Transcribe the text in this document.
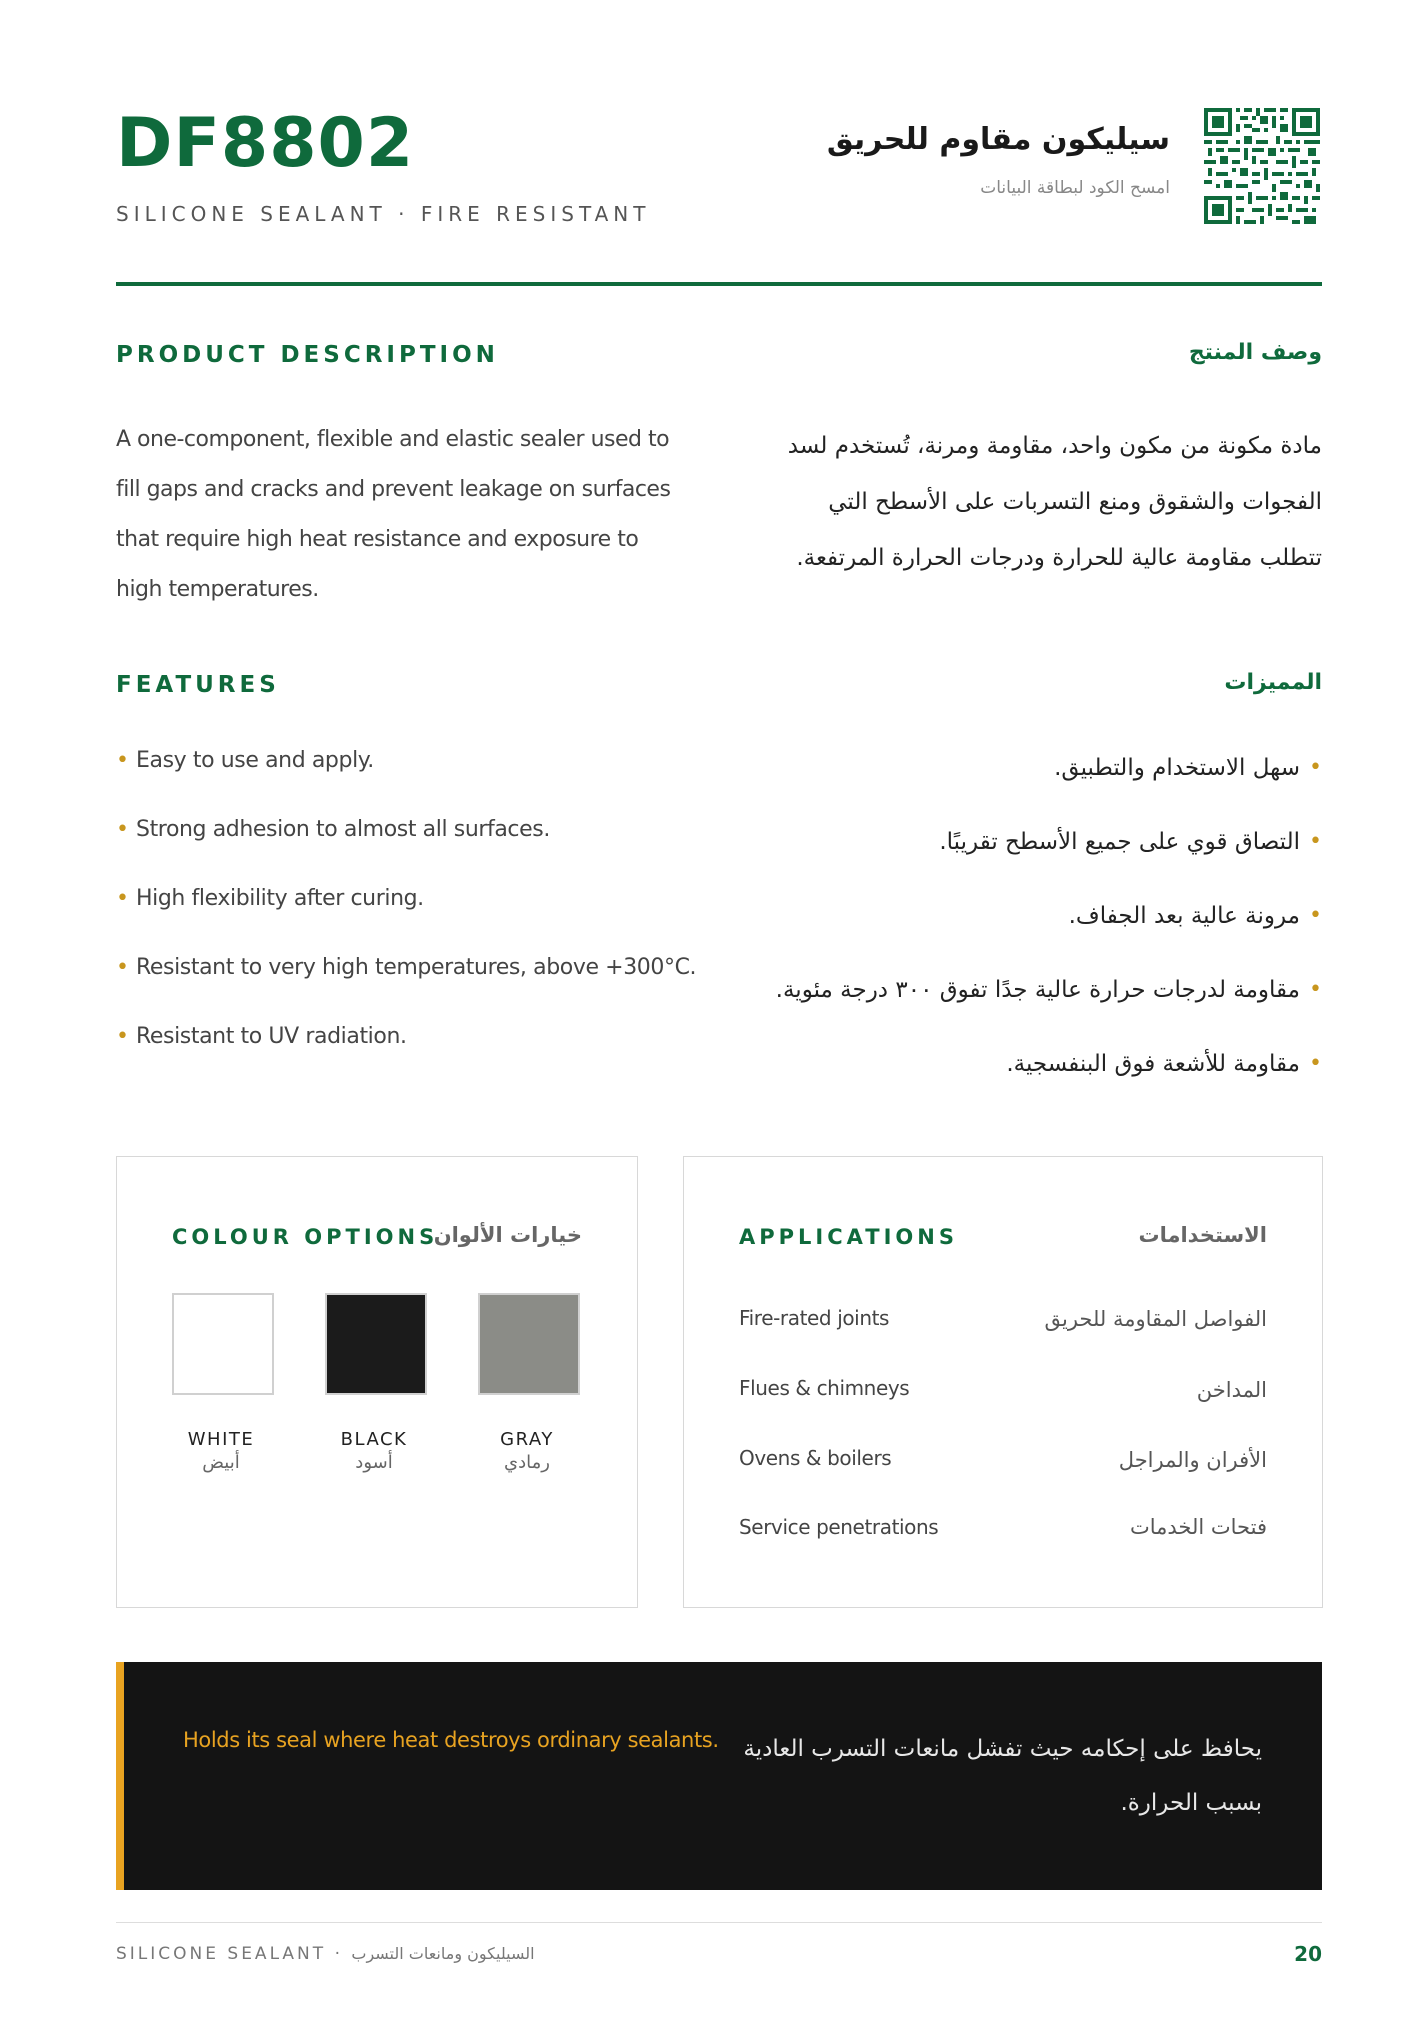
DF8802
SILICONE SEALANT · FIRE RESISTANT
سيليكون مقاوم للحريق
امسح الكود لبطاقة البيانات
PRODUCT DESCRIPTION	وصف المنتج
A one-component, flexible and elastic sealer used to fill gaps and cracks and prevent leakage on surfaces that require high heat resistance and exposure to high temperatures.
مادة مكونة من مكون واحد، مقاومة ومرنة، تُستخدم لسد الفجوات والشقوق ومنع التسربات على الأسطح التي تتطلب مقاومة عالية للحرارة ودرجات الحرارة المرتفعة.
FEATURES	المميزات
• Easy to use and apply.
• Strong adhesion to almost all surfaces.
• High flexibility after curing.
• Resistant to very high temperatures, above +300°C.
• Resistant to UV radiation.
• سهل الاستخدام والتطبيق.
• التصاق قوي على جميع الأسطح تقريبًا.
• مرونة عالية بعد الجفاف.
• مقاومة لدرجات حرارة عالية جدًا تفوق ٣٠٠ درجة مئوية.
• مقاومة للأشعة فوق البنفسجية.
COLOUR OPTIONS
خيارات الألوان
WHITE
أبيض
BLACK
أسود
GRAY
رمادي
APPLICATIONS	الاستخدامات
Fire-rated joints	الفواصل المقاومة للحريق
Flues & chimneys	المداخن
Ovens & boilers	الأفران والمراجل
Service penetrations	فتحات الخدمات
Holds its seal where heat destroys ordinary sealants.	يحافظ على إحكامه حيث تفشل مانعات التسرب العادية بسبب الحرارة.
SILICONE SEALANT · السيليكون ومانعات التسرب	20
